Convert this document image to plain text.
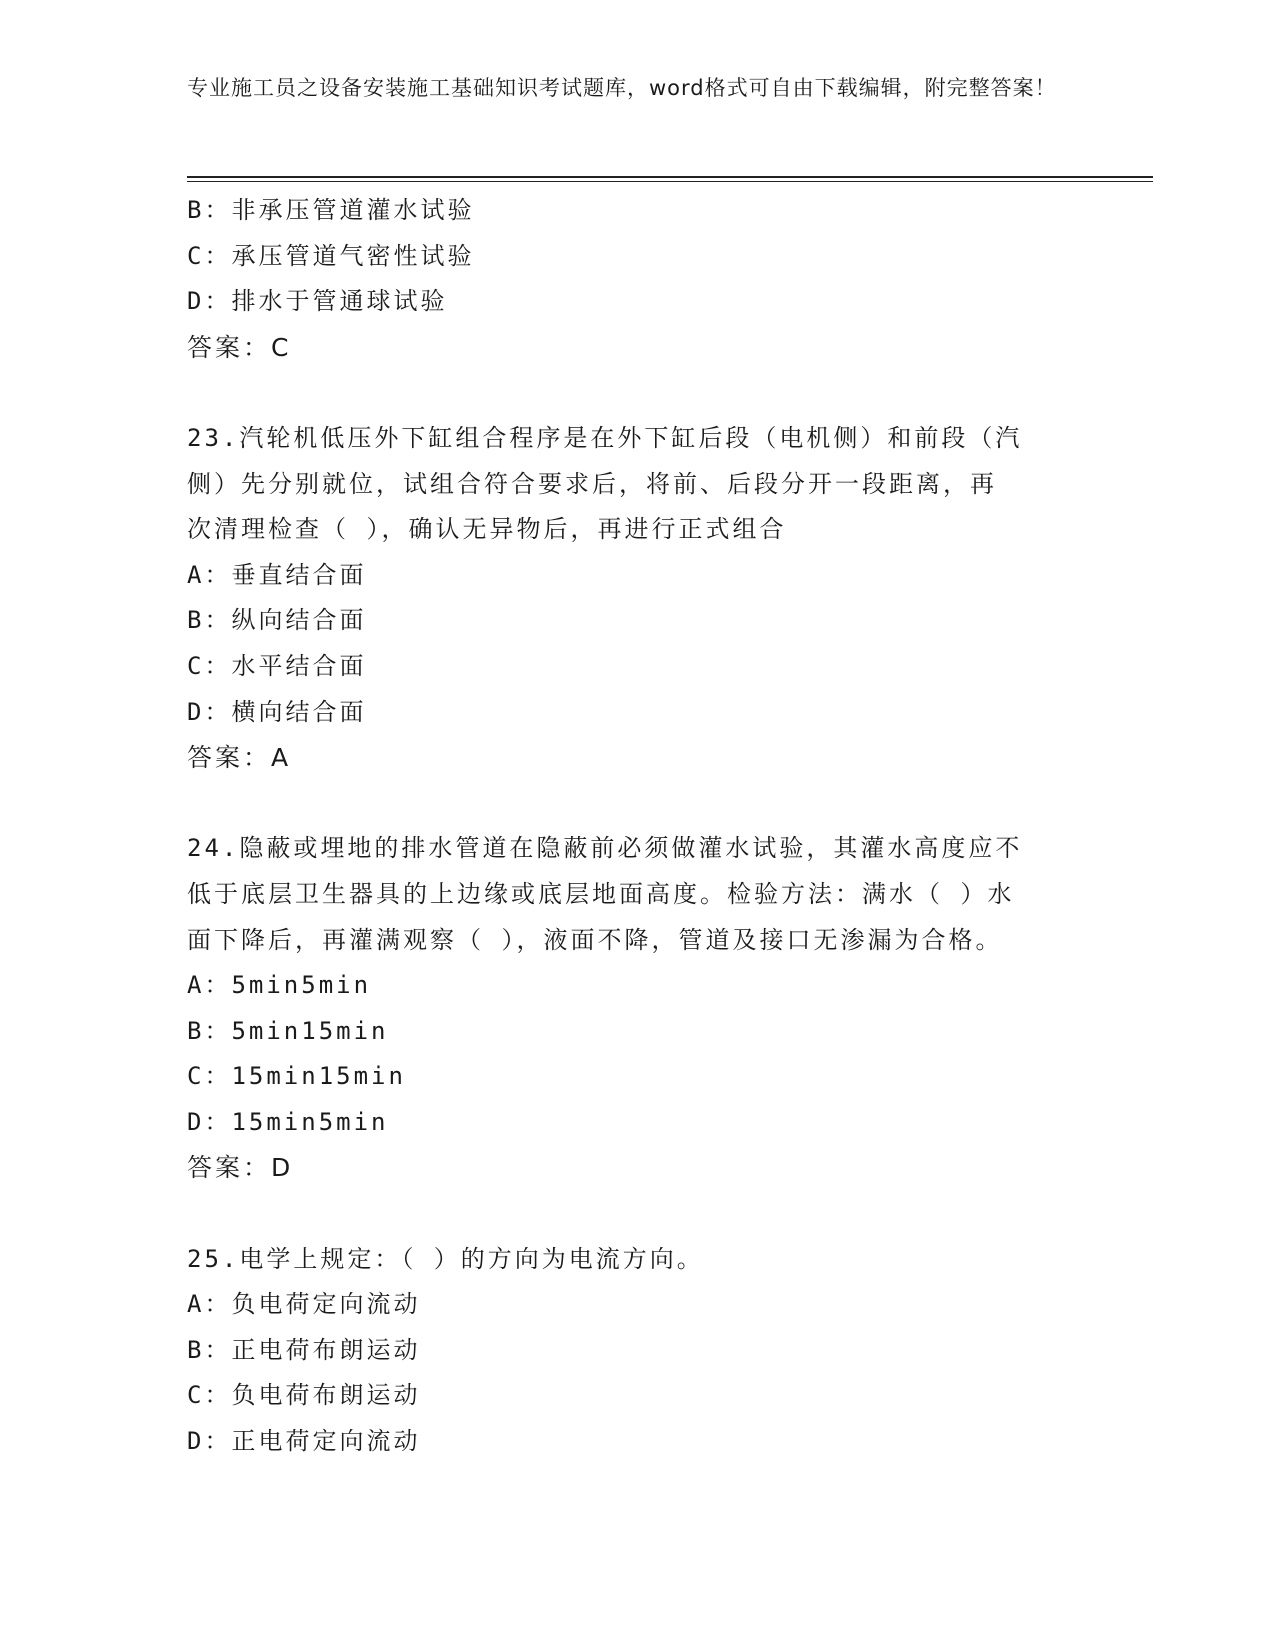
专业施工员之设备安装施工基础知识考试题库，word格式可自由下载编辑，附完整答案！
B：非承压管道灌水试验
C：承压管道气密性试验
D：排水于管通球试验
答案：C
23.汽轮机低压外下缸组合程序是在外下缸后段（电机侧）和前段（汽
侧）先分别就位，试组合符合要求后，将前、后段分开一段距离，再
次清理检查（ ），确认无异物后，再进行正式组合
A：垂直结合面
B：纵向结合面
C：水平结合面
D：横向结合面
答案：A
24.隐蔽或埋地的排水管道在隐蔽前必须做灌水试验，其灌水高度应不
低于底层卫生器具的上边缘或底层地面高度。检验方法：满水（ ）水
面下降后，再灌满观察（ ），液面不降，管道及接口无渗漏为合格。
A：5min5min
B：5min15min
C：15min15min
D：15min5min
答案：D
25.电学上规定：（ ）的方向为电流方向。
A：负电荷定向流动
B：正电荷布朗运动
C：负电荷布朗运动
D：正电荷定向流动
